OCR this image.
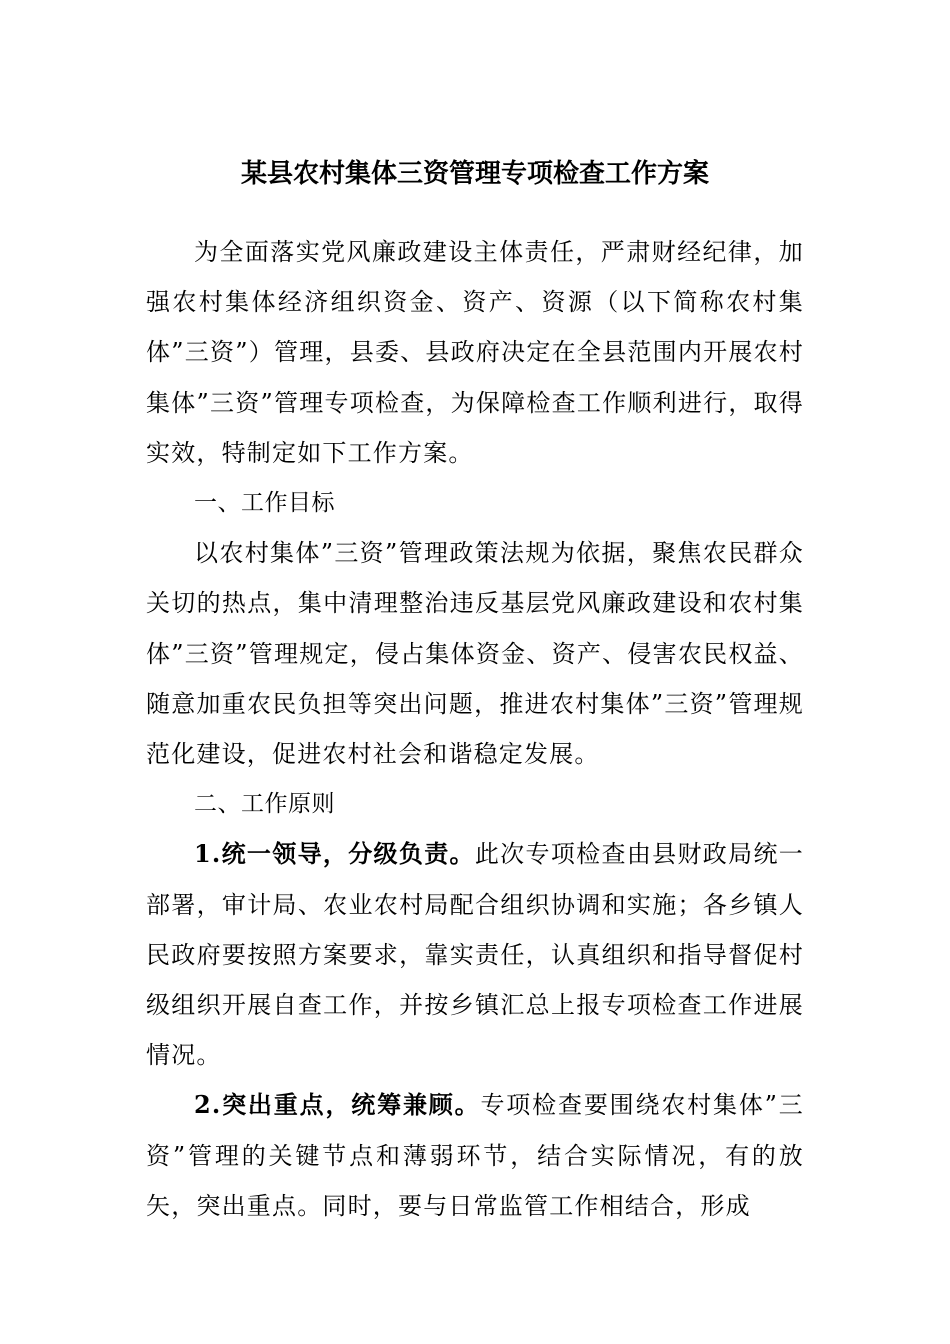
某县农村集体三资管理专项检查工作方案

为全面落实党风廉政建设主体责任，严肃财经纪律，加强农村集体经济组织资金、资产、资源（以下简称农村集体”三资”）管理，县委、县政府决定在全县范围内开展农村集体”三资”管理专项检查，为保障检查工作顺利进行，取得实效，特制定如下工作方案。

一、工作目标

以农村集体”三资”管理政策法规为依据，聚焦农民群众关切的热点，集中清理整治违反基层党风廉政建设和农村集体”三资”管理规定，侵占集体资金、资产、侵害农民权益、随意加重农民负担等突出问题，推进农村集体”三资”管理规范化建设，促进农村社会和谐稳定发展。

二、工作原则

1.统一领导，分级负责。此次专项检查由县财政局统一部署，审计局、农业农村局配合组织协调和实施；各乡镇人民政府要按照方案要求，靠实责任，认真组织和指导督促村级组织开展自查工作，并按乡镇汇总上报专项检查工作进展情况。

2.突出重点，统筹兼顾。专项检查要围绕农村集体”三资”管理的关键节点和薄弱环节，结合实际情况，有的放矢，突出重点。同时，要与日常监管工作相结合，形成
